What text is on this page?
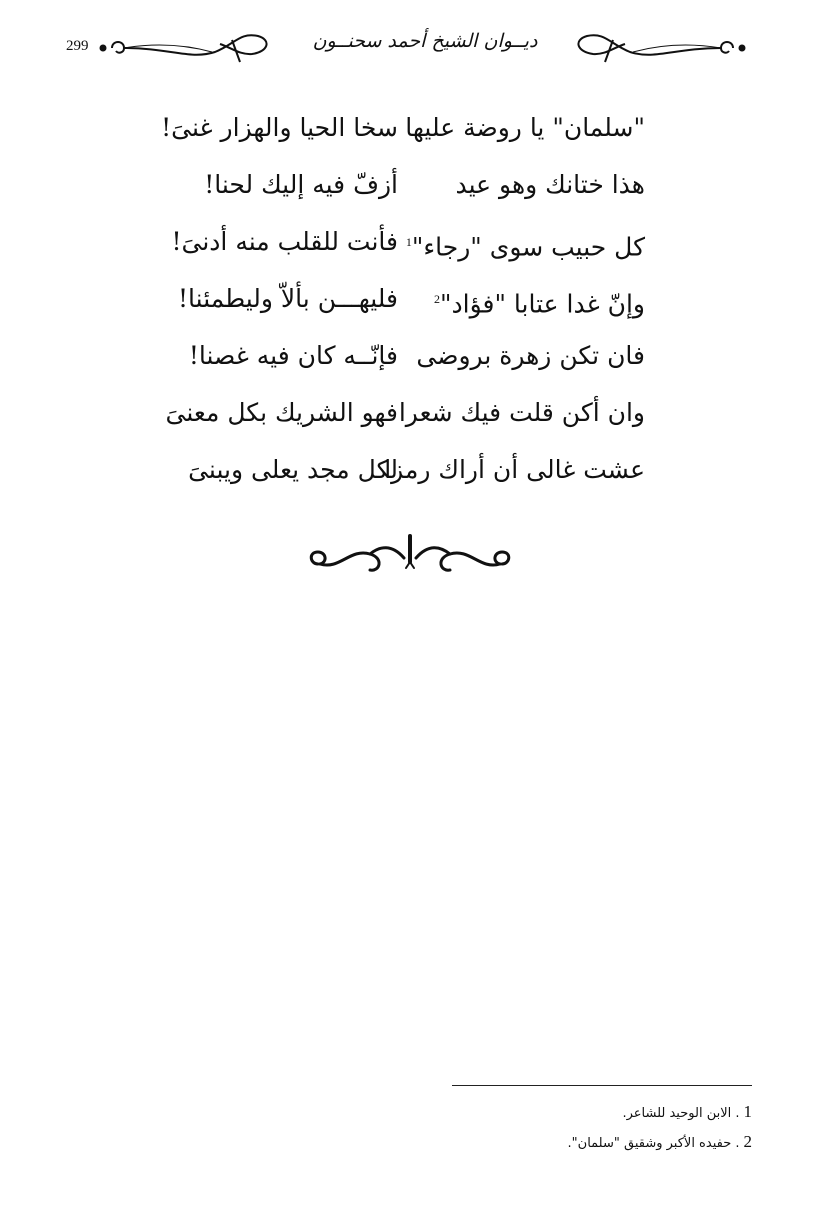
299	ديــوان الشيخ أحمد سحنــون
"سلمان" يا روضة عليها
سخا الحيا والهزار غنىَ!
هذا ختانك وهو عيد
أزفّ فيه إليك لحنا!
كل حبيب سوى "رجاء"$^1$
فأنت للقلب منه أدنىَ!
وإنّ غدا عتابا "فؤاد"$^2$
فليهـــن بألاّ وليطمئنا!
فان تكن زهرة بروضى
فإنّــه كان فيه غصنا!
وان أكن قلت فيك شعرا
فهو الشريك بكل معنىَ
عشت غالى أن أراك رمزا
لكل مجد يعلى ويبنىَ
1. الابن الوحيد للشاعر.
2. حفيده الأكبر وشقيق "سلمان".
